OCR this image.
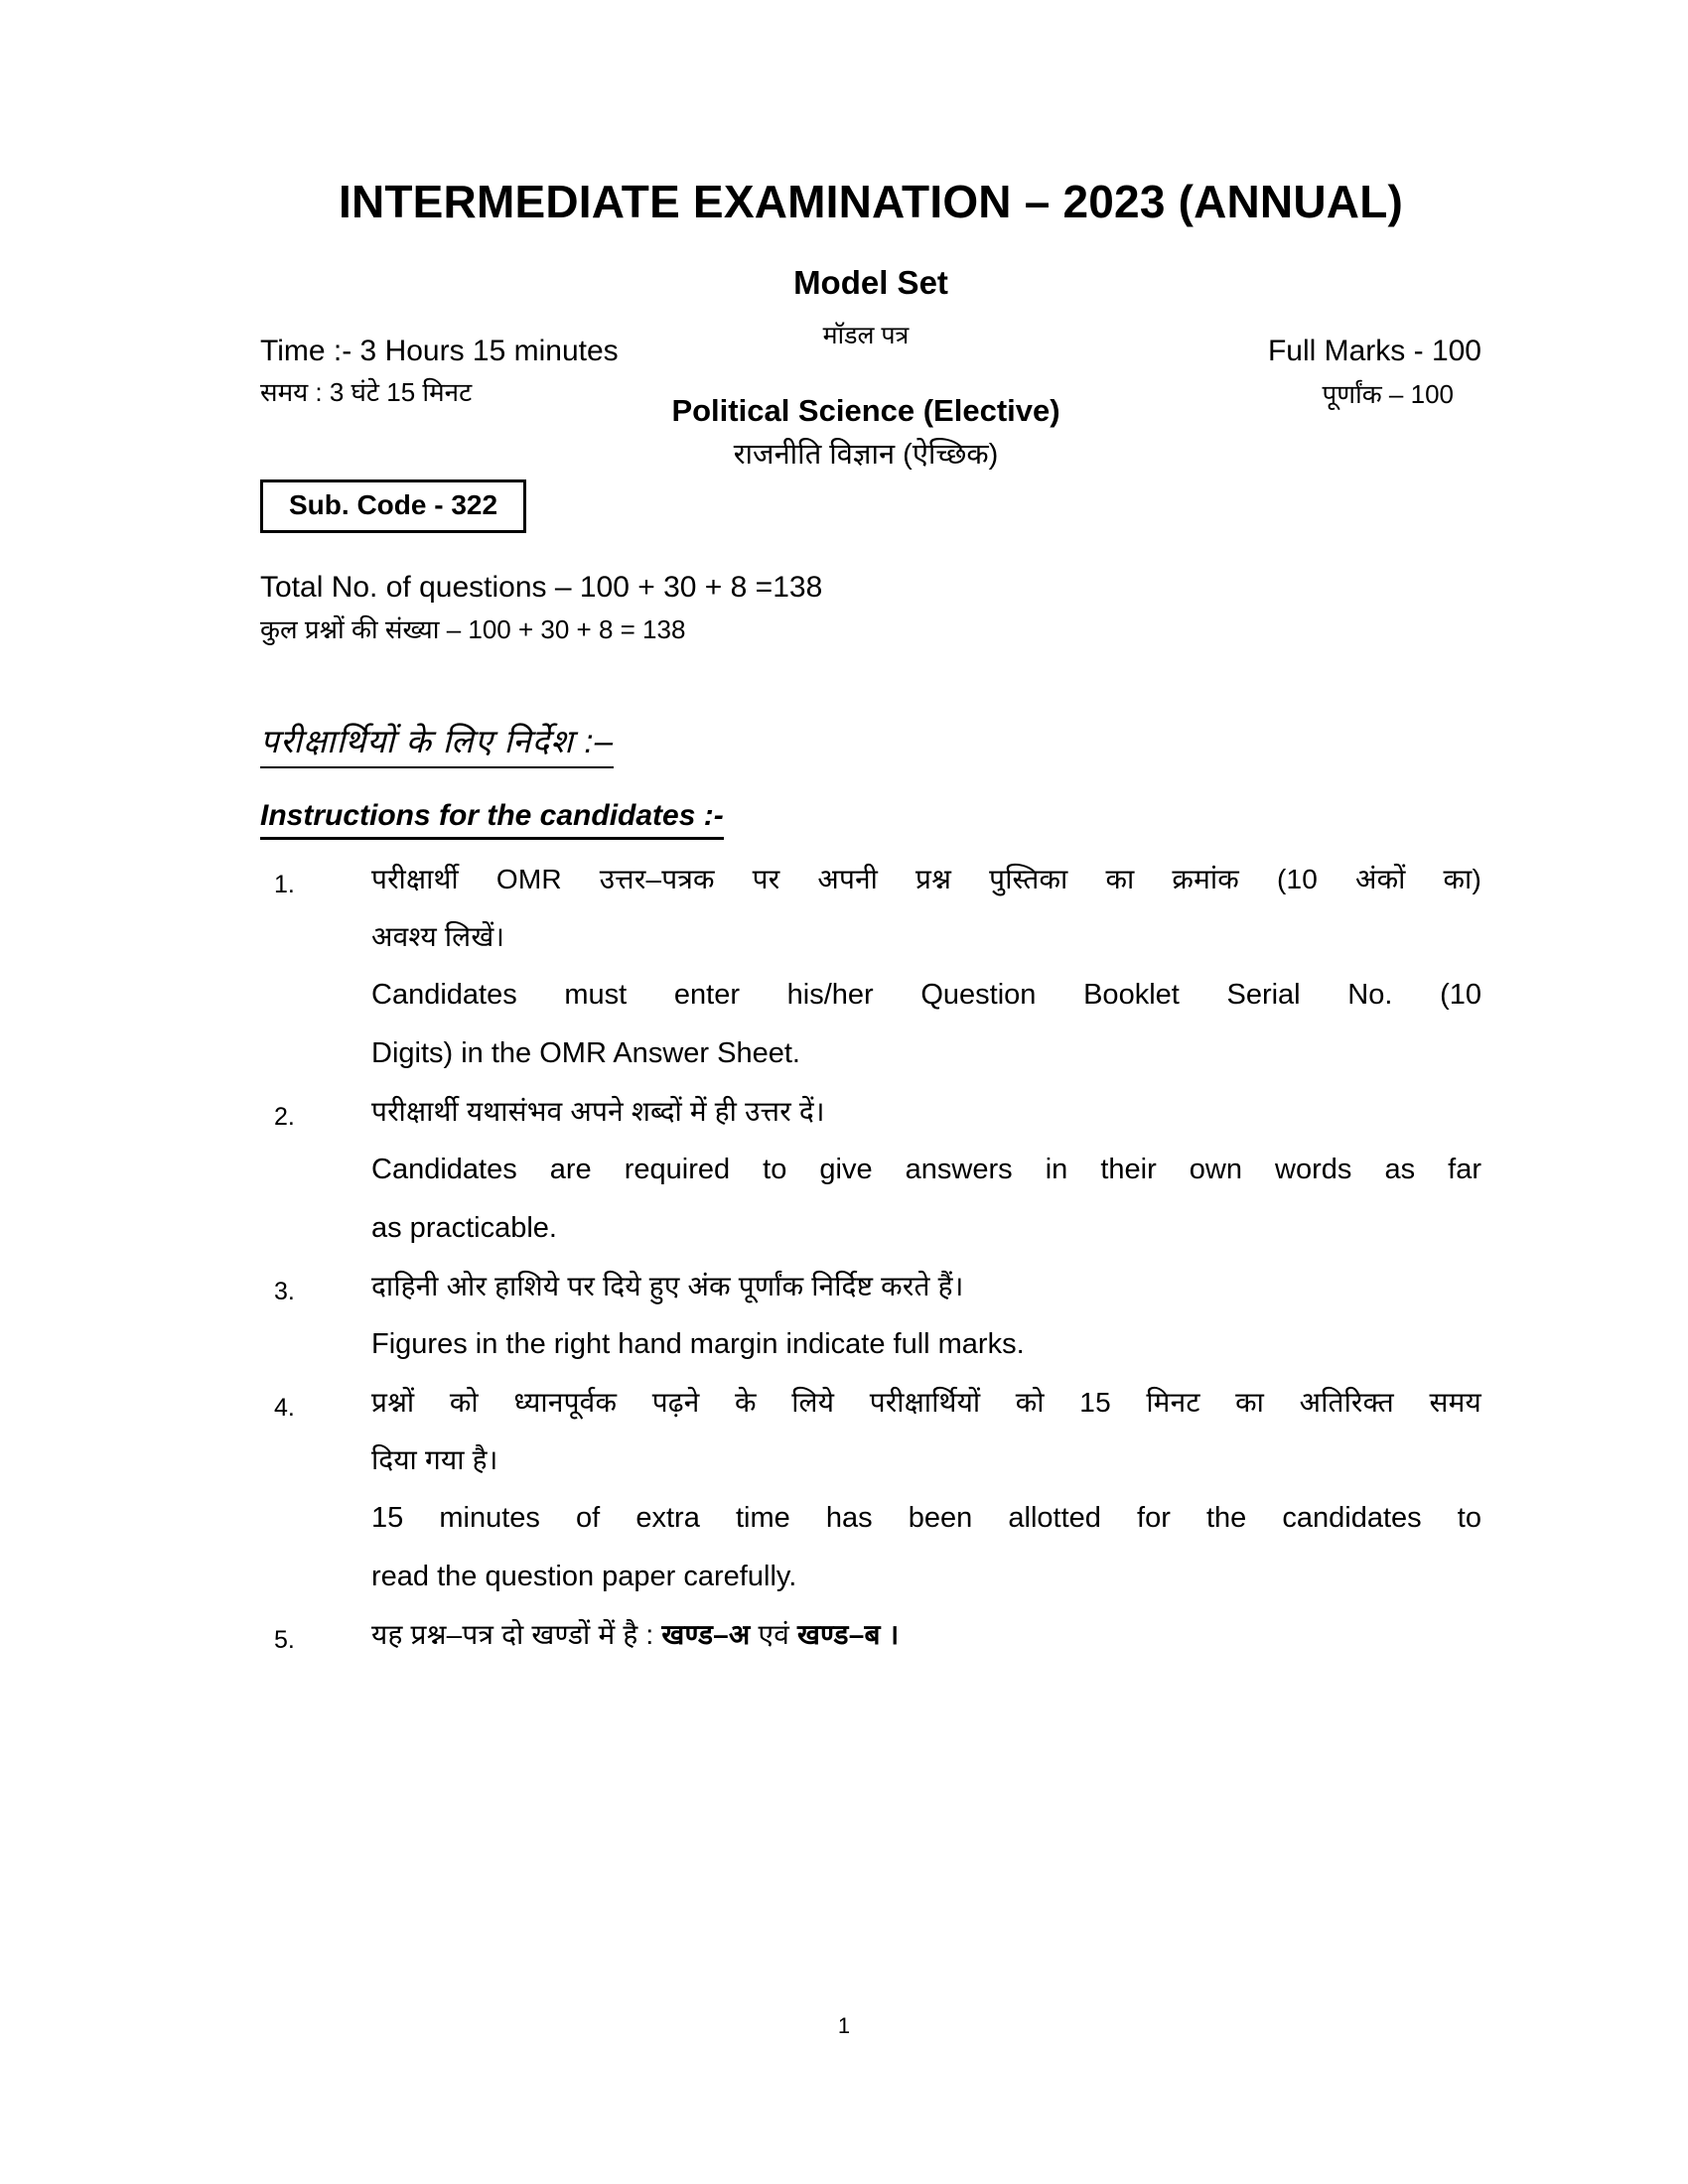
INTERMEDIATE EXAMINATION – 2023 (ANNUAL)
Model Set
Time :- 3 Hours 15 minutes
समय : 3 घंटे 15 मिनट
मॉडल पत्र
Political Science (Elective)
राजनीति विज्ञान (ऐच्छिक)
Full Marks - 100
पूर्णांक – 100
Sub. Code - 322
Total No. of questions – 100 + 30 + 8 =138
कुल प्रश्नों की संख्या – 100 + 30 + 8 = 138
परीक्षार्थियों के लिए निर्देश :–
Instructions for the candidates :-
1.	परीक्षार्थी OMR उत्तर–पत्रक पर अपनी प्रश्न पुस्तिका का क्रमांक (10 अंकों का)
अवश्य लिखें।
Candidates must enter his/her Question Booklet Serial No. (10
Digits) in the OMR Answer Sheet.
2.	परीक्षार्थी यथासंभव अपने शब्दों में ही उत्तर दें।
Candidates are required to give answers in their own words as far
as practicable.
3.	दाहिनी ओर हाशिये पर दिये हुए अंक पूर्णांक निर्दिष्ट करते हैं।
Figures in the right hand margin indicate full marks.
4.	प्रश्नों को ध्यानपूर्वक पढ़ने के लिये परीक्षार्थियों को 15 मिनट का अतिरिक्त समय
दिया गया है।
15 minutes of extra time has been allotted for the candidates to
read the question paper carefully.
5.	यह प्रश्न–पत्र दो खण्डों में है : खण्ड–अ एवं खण्ड–ब ।
1
